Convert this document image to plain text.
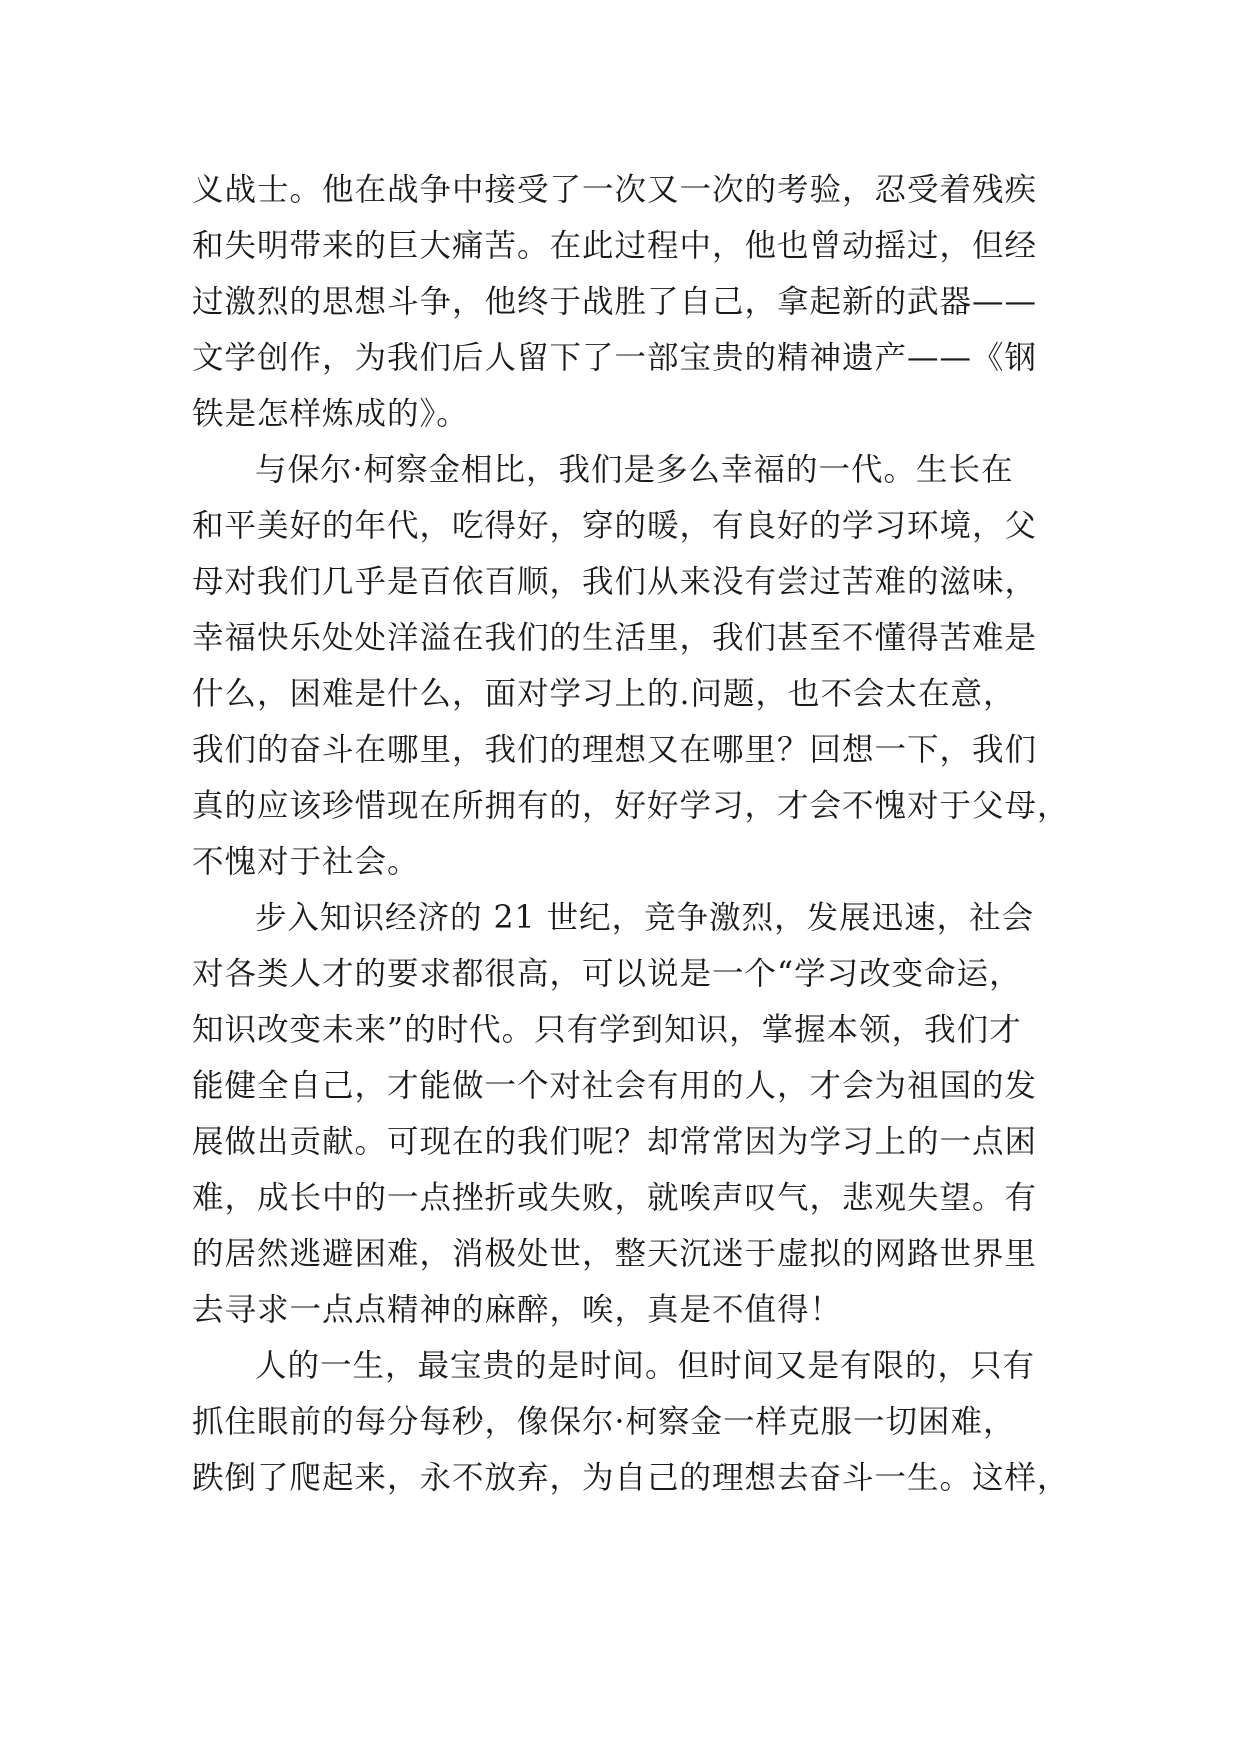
义战士。他在战争中接受了一次又一次的考验，忍受着残疾
和失明带来的巨大痛苦。在此过程中，他也曾动摇过，但经
过激烈的思想斗争，他终于战胜了自己，拿起新的武器——
文学创作，为我们后人留下了一部宝贵的精神遗产——《钢
铁是怎样炼成的》。
与保尔·柯察金相比，我们是多么幸福的一代。生长在
和平美好的年代，吃得好，穿的暖，有良好的学习环境，父
母对我们几乎是百依百顺，我们从来没有尝过苦难的滋味，
幸福快乐处处洋溢在我们的生活里，我们甚至不懂得苦难是
什么，困难是什么，面对学习上的.问题，也不会太在意，
我们的奋斗在哪里，我们的理想又在哪里？回想一下，我们
真的应该珍惜现在所拥有的，好好学习，才会不愧对于父母，
不愧对于社会。
步入知识经济的 21 世纪，竞争激烈，发展迅速，社会
对各类人才的要求都很高，可以说是一个“学习改变命运，
知识改变未来”的时代。只有学到知识，掌握本领，我们才
能健全自己，才能做一个对社会有用的人，才会为祖国的发
展做出贡献。可现在的我们呢？却常常因为学习上的一点困
难，成长中的一点挫折或失败，就唉声叹气，悲观失望。有
的居然逃避困难，消极处世，整天沉迷于虚拟的网路世界里
去寻求一点点精神的麻醉，唉，真是不值得！
人的一生，最宝贵的是时间。但时间又是有限的，只有
抓住眼前的每分每秒，像保尔·柯察金一样克服一切困难，
跌倒了爬起来，永不放弃，为自己的理想去奋斗一生。这样，
